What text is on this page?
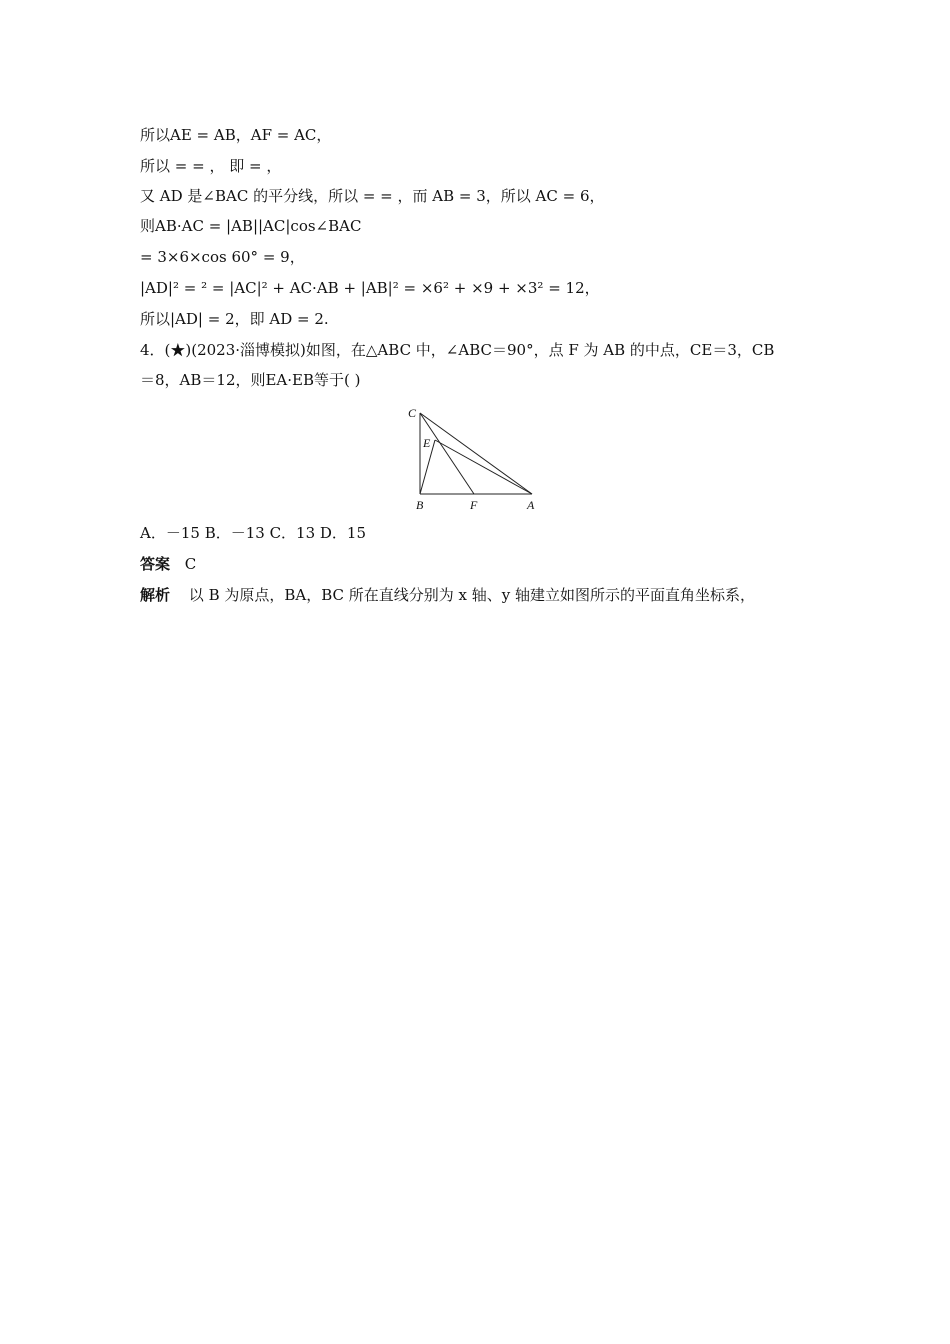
所以AE = AB，AF = AC，
所以 = = ， 即 = ，
又 AD 是∠BAC 的平分线，所以 = = ，而 AB = 3，所以 AC = 6，
则AB·AC = |AB||AC|cos∠BAC
= 3×6×cos 60° = 9，
|AD|² = ² = |AC|² + AC·AB + |AB|² = ×6² + ×9 + ×3² = 12，
所以|AD| = 2，即 AD = 2.
4．(★)(2023·淄博模拟)如图，在△ABC 中，∠ABC＝90°，点 F 为 AB 的中点，CE＝3，CB
＝8，AB＝12，则EA·EB等于( )
C
E
B	F	A
A．－15 B．－13 C．13 D．15
答案 C
解析 以 B 为原点，BA，BC 所在直线分别为 x 轴、y 轴建立如图所示的平面直角坐标系，
